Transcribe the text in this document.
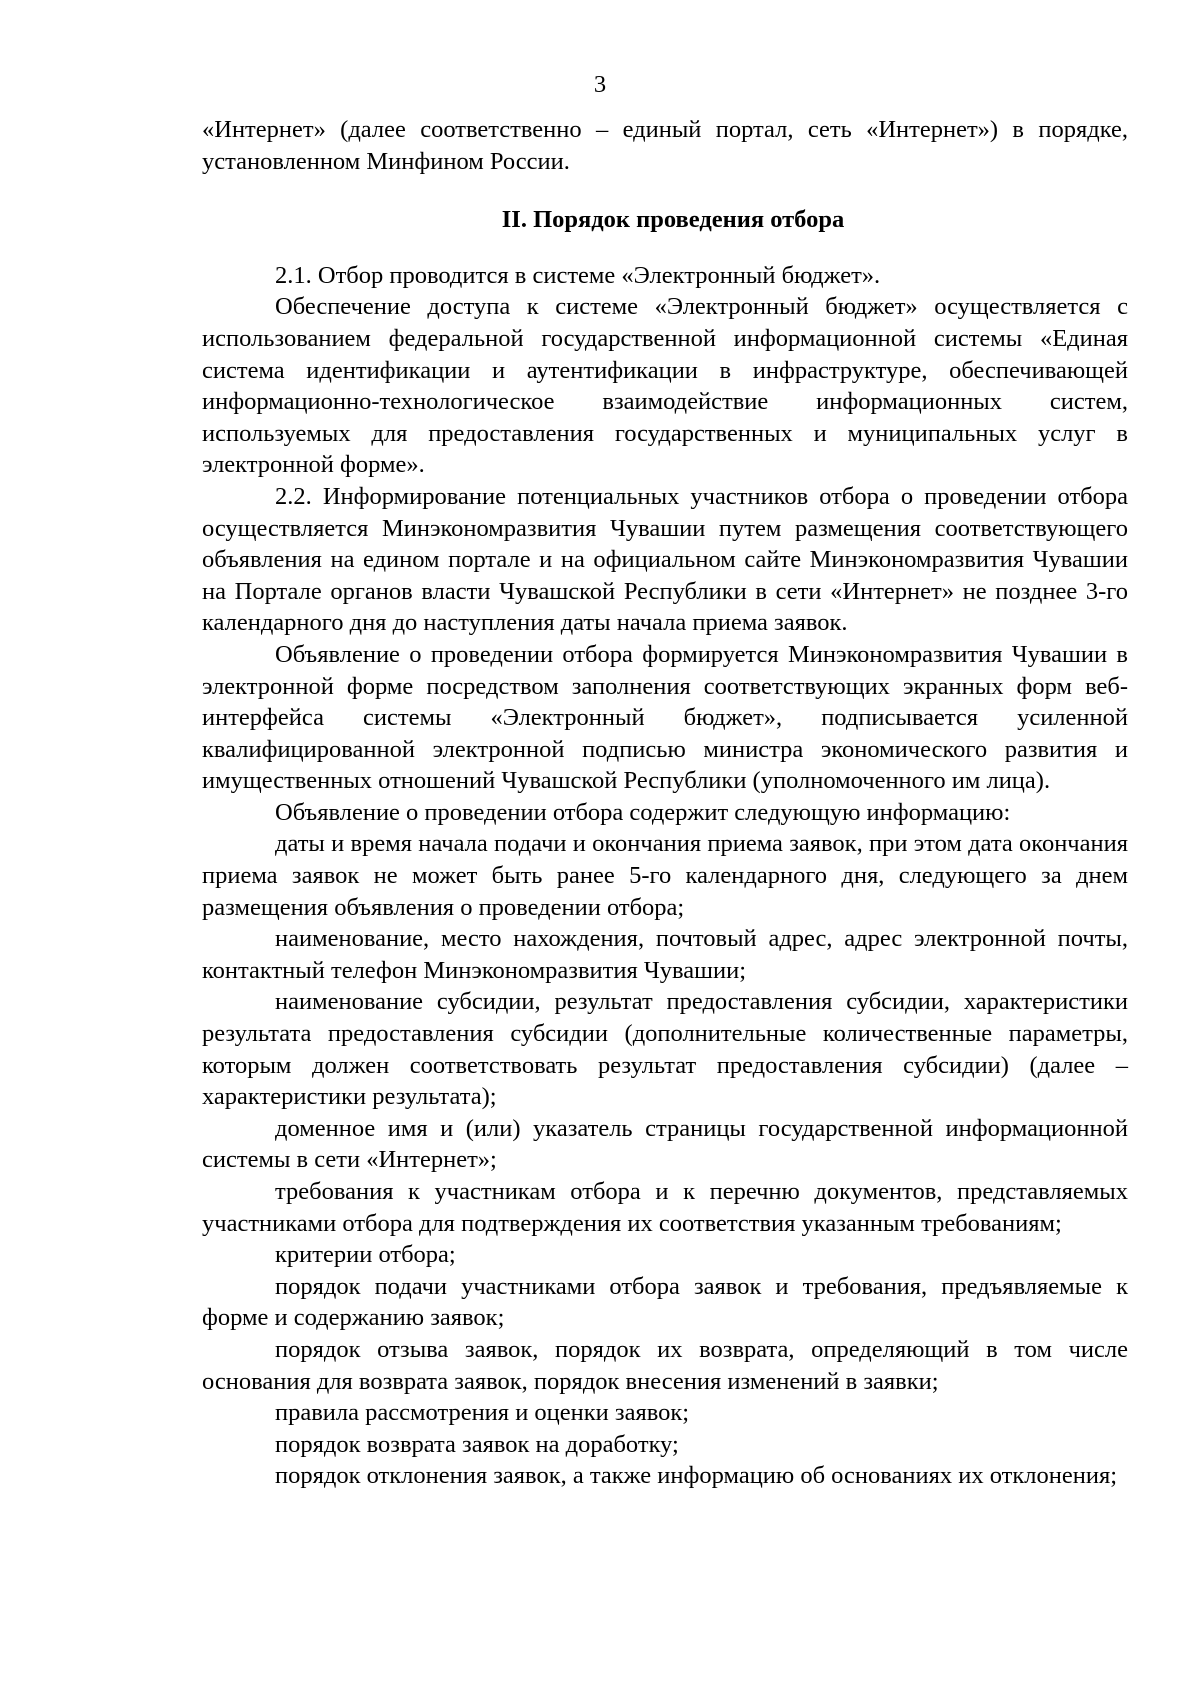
3

«Интернет» (далее соответственно – единый портал, сеть «Интернет») в порядке, установленном Минфином России.

II. Порядок проведения отбора

2.1. Отбор проводится в системе «Электронный бюджет».

Обеспечение доступа к системе «Электронный бюджет» осуществляется с использованием федеральной государственной информационной системы «Единая система идентификации и аутентификации в инфраструктуре, обеспечивающей информационно-технологическое взаимодействие информационных систем, используемых для предоставления государственных и муниципальных услуг в электронной форме».

2.2. Информирование потенциальных участников отбора о проведении отбора осуществляется Минэкономразвития Чувашии путем размещения соответствующего объявления на едином портале и на официальном сайте Минэкономразвития Чувашии на Портале органов власти Чувашской Республики в сети «Интернет» не позднее 3-го календарного дня до наступления даты начала приема заявок.

Объявление о проведении отбора формируется Минэкономразвития Чувашии в электронной форме посредством заполнения соответствующих экранных форм веб-интерфейса системы «Электронный бюджет», подписывается усиленной квалифицированной электронной подписью министра экономического развития и имущественных отношений Чувашской Республики (уполномоченного им лица).

Объявление о проведении отбора содержит следующую информацию:

даты и время начала подачи и окончания приема заявок, при этом дата окончания приема заявок не может быть ранее 5-го календарного дня, следующего за днем размещения объявления о проведении отбора;

наименование, место нахождения, почтовый адрес, адрес электронной почты, контактный телефон Минэкономразвития Чувашии;

наименование субсидии, результат предоставления субсидии, характеристики результата предоставления субсидии (дополнительные количественные параметры, которым должен соответствовать результат предоставления субсидии) (далее – характеристики результата);

доменное имя и (или) указатель страницы государственной информационной системы в сети «Интернет»;

требования к участникам отбора и к перечню документов, представляемых участниками отбора для подтверждения их соответствия указанным требованиям;

критерии отбора;

порядок подачи участниками отбора заявок и требования, предъявляемые к форме и содержанию заявок;

порядок отзыва заявок, порядок их возврата, определяющий в том числе основания для возврата заявок, порядок внесения изменений в заявки;

правила рассмотрения и оценки заявок;

порядок возврата заявок на доработку;

порядок отклонения заявок, а также информацию об основаниях их отклонения;
